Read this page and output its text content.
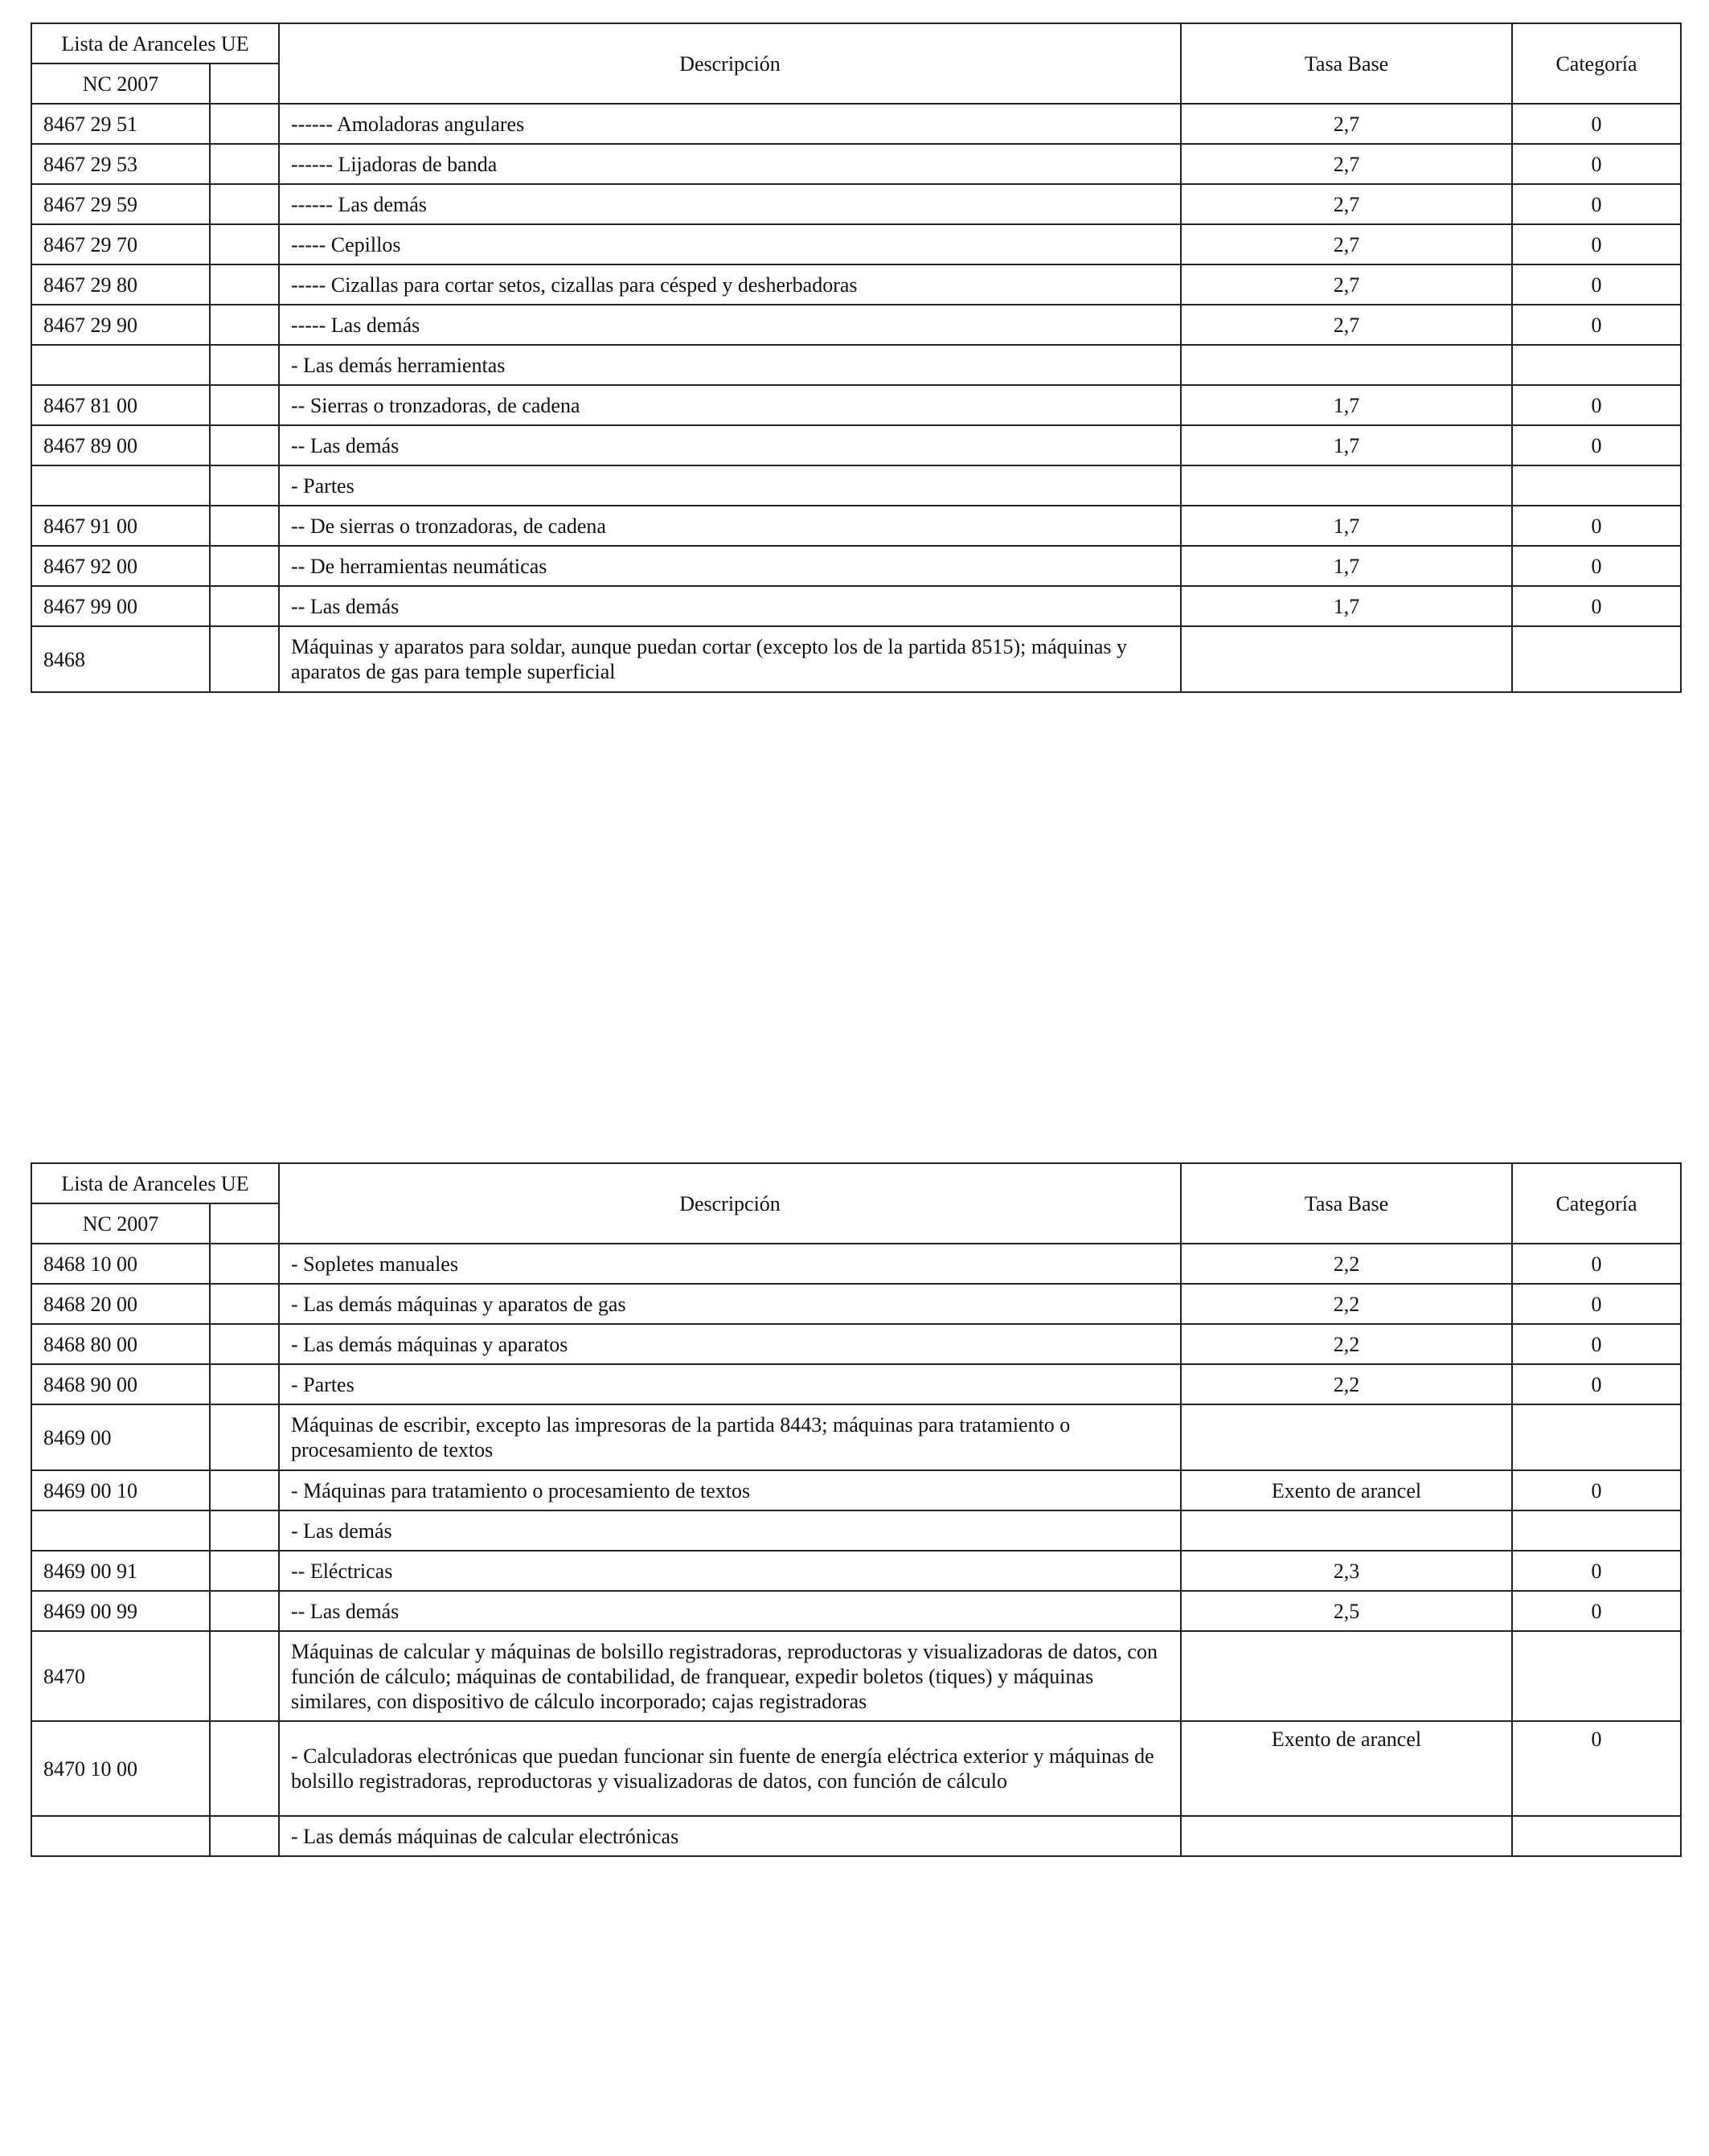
Lista de Aranceles UE		Descripción	Tasa Base	Categoría
NC 2007				
8467 29 51		------ Amoladoras angulares	2,7	0
8467 29 53		------ Lijadoras de banda	2,7	0
8467 29 59		------ Las demás	2,7	0
8467 29 70		----- Cepillos	2,7	0
8467 29 80		----- Cizallas para cortar setos, cizallas para césped y desherbadoras	2,7	0
8467 29 90		----- Las demás	2,7	0
		- Las demás herramientas		
8467 81 00		-- Sierras o tronzadoras, de cadena	1,7	0
8467 89 00		-- Las demás	1,7	0
		- Partes		
8467 91 00		-- De sierras o tronzadoras, de cadena	1,7	0
8467 92 00		-- De herramientas neumáticas	1,7	0
8467 99 00		-- Las demás	1,7	0
8468		Máquinas y aparatos para soldar, aunque puedan cortar (excepto los de la partida 8515); máquinas y aparatos de gas para temple superficial		
Lista de Aranceles UE		Descripción	Tasa Base	Categoría
NC 2007				
8468 10 00		- Sopletes manuales	2,2	0
8468 20 00		- Las demás máquinas y aparatos de gas	2,2	0
8468 80 00		- Las demás máquinas y aparatos	2,2	0
8468 90 00		- Partes	2,2	0
8469 00		Máquinas de escribir, excepto las impresoras de la partida 8443; máquinas para tratamiento o procesamiento de textos		
8469 00 10		- Máquinas para tratamiento o procesamiento de textos	Exento de arancel	0
		- Las demás		
8469 00 91		-- Eléctricas	2,3	0
8469 00 99		-- Las demás	2,5	0
8470		Máquinas de calcular y máquinas de bolsillo registradoras, reproductoras y visualizadoras de datos, con función de cálculo; máquinas de contabilidad, de franquear, expedir boletos (tiques) y máquinas similares, con dispositivo de cálculo incorporado; cajas registradoras		
8470 10 00		- Calculadoras electrónicas que puedan funcionar sin fuente de energía eléctrica exterior y máquinas de bolsillo registradoras, reproductoras y visualizadoras de datos, con función de cálculo	Exento de arancel	0
		- Las demás máquinas de calcular electrónicas		
